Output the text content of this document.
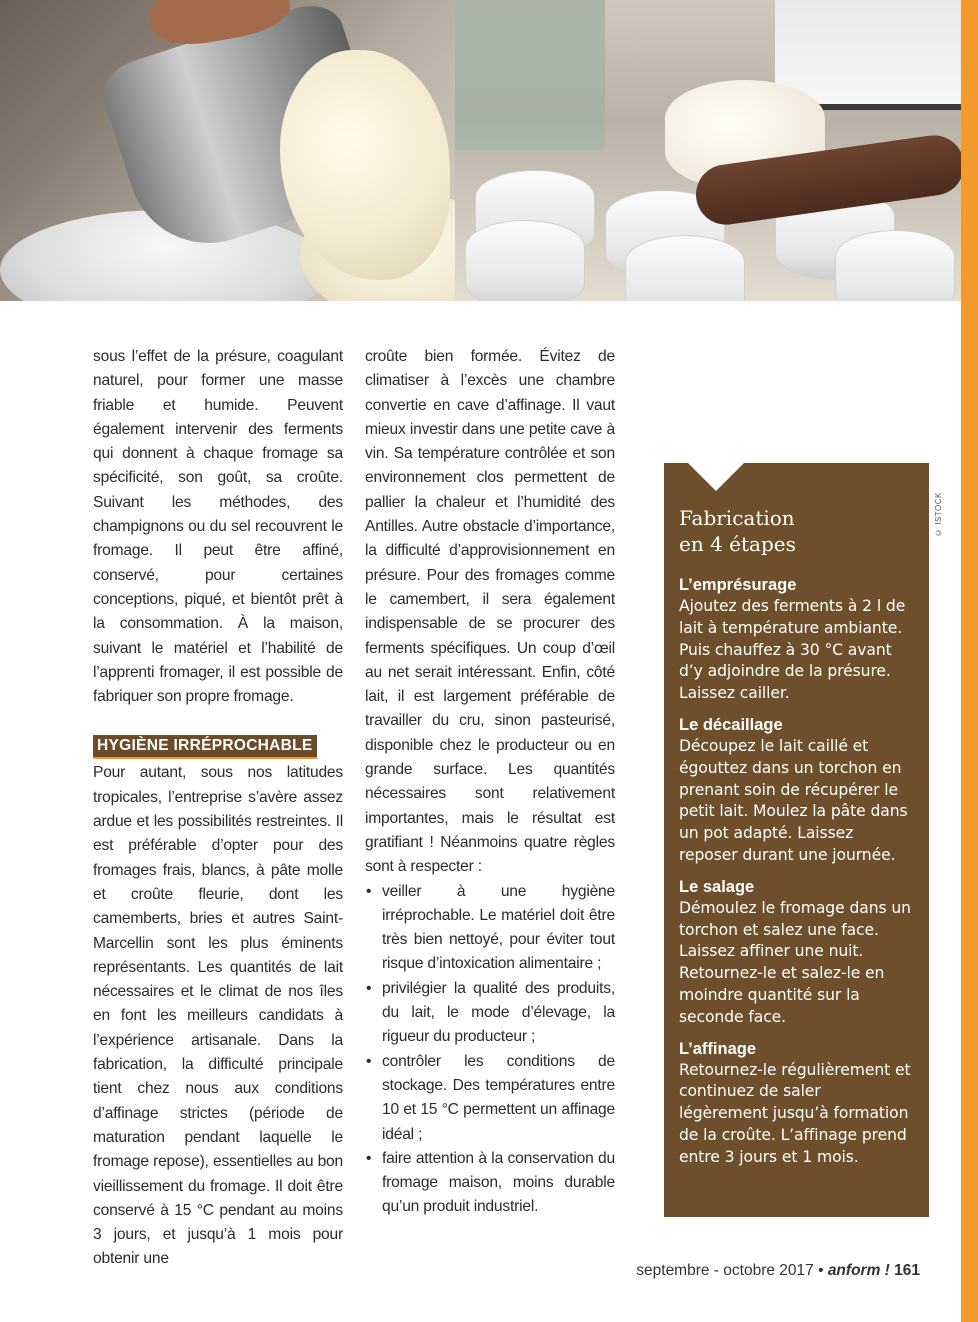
© ISTOCK

sous l’effet de la présure, coagulant naturel, pour former une masse friable et humide. Peuvent également intervenir des ferments qui donnent à chaque fromage sa spécificité, son goût, sa croûte. Suivant les méthodes, des champignons ou du sel recouvrent le fromage. Il peut être affiné, conservé, pour certaines conceptions, piqué, et bientôt prêt à la consommation. À la maison, suivant le matériel et l’habilité de l’apprenti fromager, il est possible de fabriquer son propre fromage.

HYGIÈNE IRRÉPROCHABLE

Pour autant, sous nos latitudes tropicales, l’entreprise s’avère assez ardue et les possibilités restreintes. Il est préférable d’opter pour des fromages frais, blancs, à pâte molle et croûte fleurie, dont les camemberts, bries et autres Saint-Marcellin sont les plus éminents représentants. Les quantités de lait nécessaires et le climat de nos îles en font les meilleurs candidats à l’expérience artisanale. Dans la fabrication, la difficulté principale tient chez nous aux conditions d’affinage strictes (période de maturation pendant laquelle le fromage repose), essentielles au bon vieillissement du fromage. Il doit être conservé à 15 °C pendant au moins 3 jours, et jusqu’à 1 mois pour obtenir une

croûte bien formée. Évitez de climatiser à l’excès une chambre convertie en cave d’affinage. Il vaut mieux investir dans une petite cave à vin. Sa température contrôlée et son environnement clos permettent de pallier la chaleur et l’humidité des Antilles. Autre obstacle d’importance, la difficulté d’approvisionnement en présure. Pour des fromages comme le camembert, il sera également indispensable de se procurer des ferments spécifiques. Un coup d’œil au net serait intéressant. Enfin, côté lait, il est largement préférable de travailler du cru, sinon pasteurisé, disponible chez le producteur ou en grande surface. Les quantités nécessaires sont relativement importantes, mais le résultat est gratifiant ! Néanmoins quatre règles sont à respecter :

• veiller à une hygiène irréprochable. Le matériel doit être très bien nettoyé, pour éviter tout risque d’intoxication alimentaire ;
• privilégier la qualité des produits, du lait, le mode d’élevage, la rigueur du producteur ;
• contrôler les conditions de stockage. Des températures entre 10 et 15 °C permettent un affinage idéal ;
• faire attention à la conservation du fromage maison, moins durable qu’un produit industriel.
Fabrication
en 4 étapes
L’emprésurage
Ajoutez des ferments à 2 l de lait à température ambiante. Puis chauffez à 30 °C avant d’y adjoindre de la présure. Laissez cailler.
Le décaillage
Découpez le lait caillé et égouttez dans un torchon en prenant soin de récupérer le petit lait. Moulez la pâte dans un pot adapté. Laissez reposer durant une journée.
Le salage
Démoulez le fromage dans un torchon et salez une face. Laissez affiner une nuit. Retournez-le et salez-le en moindre quantité sur la seconde face.
L’affinage
Retournez-le régulièrement et continuez de saler légèrement jusqu’à formation de la croûte. L’affinage prend entre 3 jours et 1 mois.
septembre - octobre 2017 • anform ! 161
